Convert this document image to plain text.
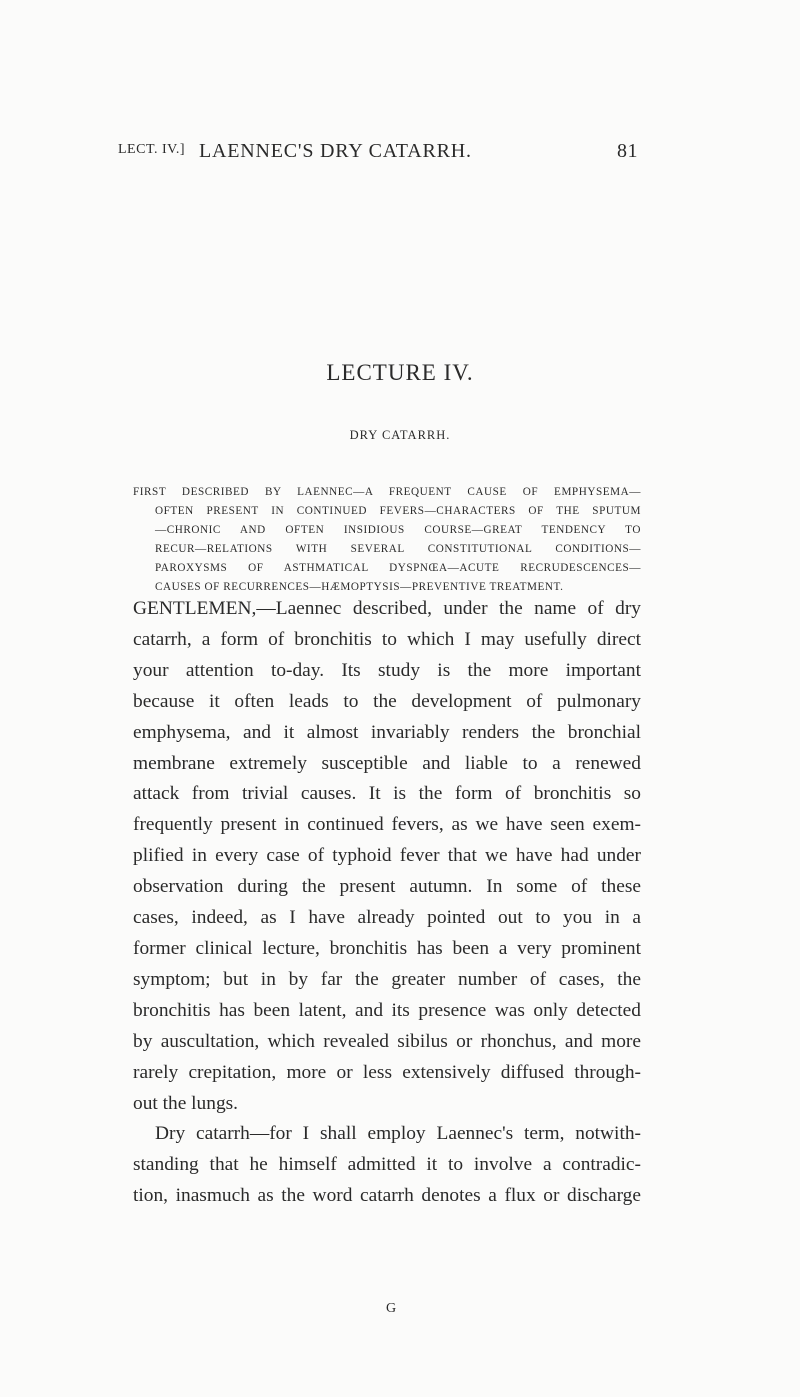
LECT. IV.] LAENNEC'S DRY CATARRH.	81
LECTURE IV.
DRY CATARRH.
FIRST DESCRIBED BY LAENNEC—A FREQUENT CAUSE OF EMPHYSEMA—
OFTEN PRESENT IN CONTINUED FEVERS—CHARACTERS OF THE SPUTUM
—CHRONIC AND OFTEN INSIDIOUS COURSE—GREAT TENDENCY TO
RECUR—RELATIONS WITH SEVERAL CONSTITUTIONAL CONDITIONS—
PAROXYSMS OF ASTHMATICAL DYSPNŒA—ACUTE RECRUDESCENCES—
CAUSES OF RECURRENCES—HÆMOPTYSIS—PREVENTIVE TREATMENT.
GENTLEMEN,—Laennec described, under the name of dry
catarrh, a form of bronchitis to which I may usefully direct
your attention to-day. Its study is the more important
because it often leads to the development of pulmonary
emphysema, and it almost invariably renders the bronchial
membrane extremely susceptible and liable to a renewed
attack from trivial causes. It is the form of bronchitis so
frequently present in continued fevers, as we have seen exem-
plified in every case of typhoid fever that we have had under
observation during the present autumn. In some of these
cases, indeed, as I have already pointed out to you in a
former clinical lecture, bronchitis has been a very prominent
symptom; but in by far the greater number of cases, the
bronchitis has been latent, and its presence was only detected
by auscultation, which revealed sibilus or rhonchus, and more
rarely crepitation, more or less extensively diffused through-
out the lungs.
Dry catarrh—for I shall employ Laennec's term, notwith-
standing that he himself admitted it to involve a contradic-
tion, inasmuch as the word catarrh denotes a flux or discharge
G
